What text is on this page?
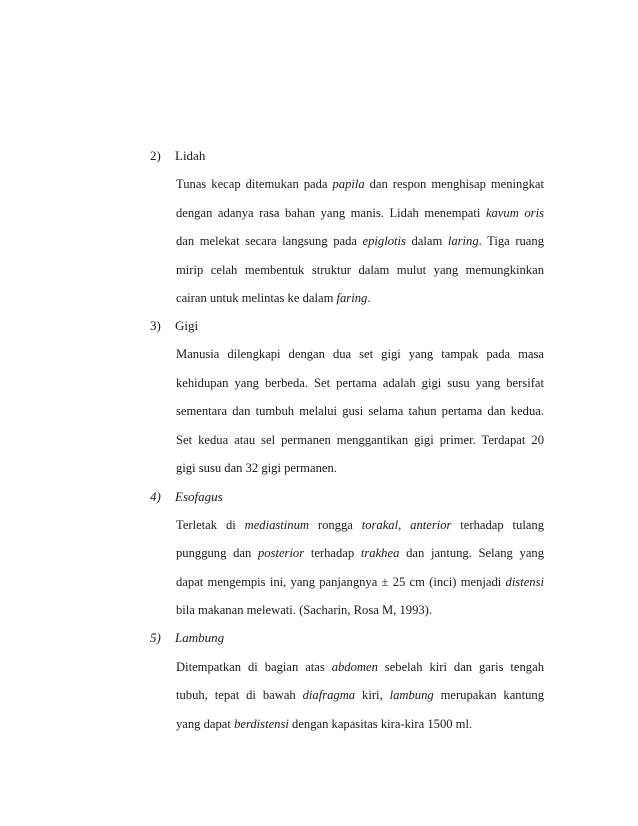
2) Lidah
Tunas kecap ditemukan pada papila dan respon menghisap meningkat
dengan adanya rasa bahan yang manis. Lidah menempati kavum oris
dan melekat secara langsung pada epiglotis dalam laring. Tiga ruang
mirip celah membentuk struktur dalam mulut yang memungkinkan
cairan untuk melintas ke dalam faring.
3) Gigi
Manusia dilengkapi dengan dua set gigi yang tampak pada masa
kehidupan yang berbeda. Set pertama adalah gigi susu yang bersifat
sementara dan tumbuh melalui gusi selama tahun pertama dan kedua.
Set kedua atau sel permanen menggantikan gigi primer. Terdapat 20
gigi susu dan 32 gigi permanen.
4) Esofagus
Terletak di mediastinum rongga torakal, anterior terhadap tulang
punggung dan posterior terhadap trakhea dan jantung. Selang yang
dapat mengempis ini, yang panjangnya ± 25 cm (inci) menjadi distensi
bila makanan melewati. (Sacharin, Rosa M, 1993).
5) Lambung
Ditempatkan di bagian atas abdomen sebelah kiri dan garis tengah
tubuh, tepat di bawah diafragma kiri, lambung merupakan kantung
yang dapat berdistensi dengan kapasitas kira-kira 1500 ml.
